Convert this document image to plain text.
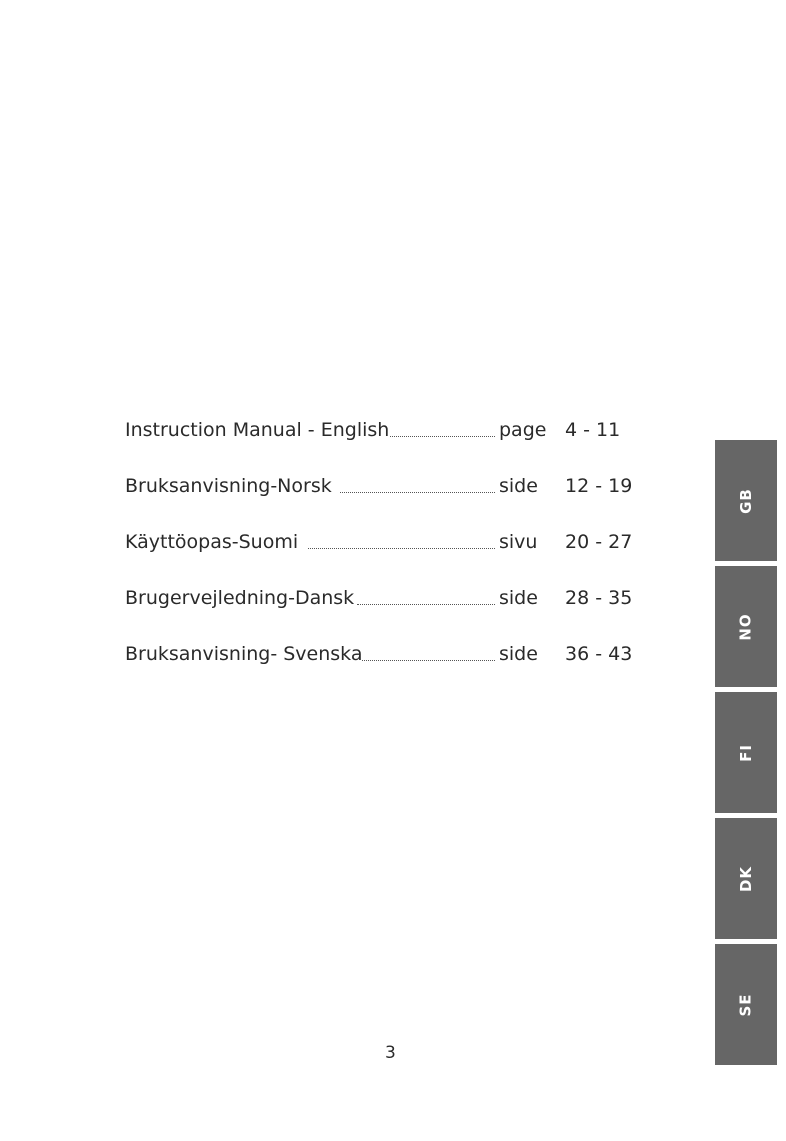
Instruction Manual - English	page 4 - 11
Bruksanvisning-Norsk	side 12 - 19
Käyttöopas-Suomi	sivu 20 - 27
Brugervejledning-Dansk	side 28 - 35
Bruksanvisning- Svenska	side 36 - 43
GB
NO
FI
DK
SE
3
